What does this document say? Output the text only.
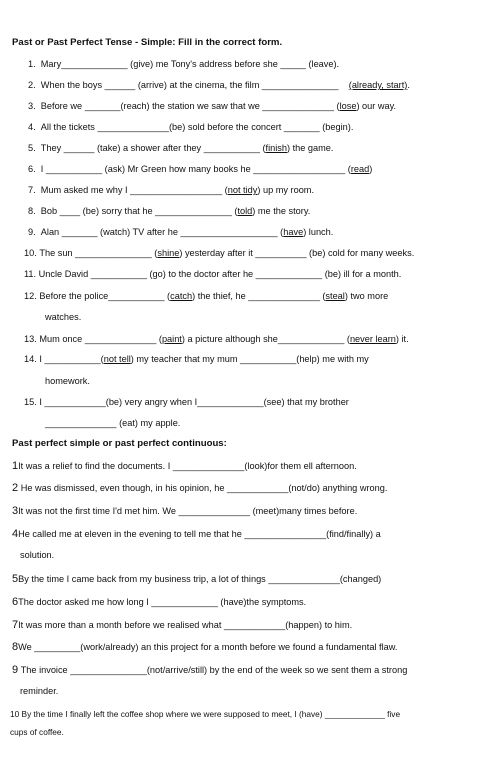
Past or Past Perfect Tense - Simple: Fill in the correct form.
1. Mary_____________ (give) me Tony's address before she _____ (leave).
2. When the boys ______ (arrive) at the cinema, the film _______________ (already, start).
3. Before we _______(reach) the station we saw that we ______________ (lose) our way.
4. All the tickets ______________(be) sold before the concert _______ (begin).
5. They ______ (take) a shower after they ___________ (finish) the game.
6. I ___________ (ask) Mr Green how many books he __________________ (read)
7. Mum asked me why I __________________ (not tidy) up my room.
8. Bob ____ (be) sorry that he _______________ (told) me the story.
9. Alan _______ (watch) TV after he ___________________ (have) lunch.
10. The sun _______________ (shine) yesterday after it __________ (be) cold for many weeks.
11. Uncle David ___________ (go) to the doctor after he _____________ (be) ill for a month.
12. Before the police___________ (catch) the thief, he ______________ (steal) two more
watches.
13. Mum once ______________ (paint) a picture although she_____________ (never learn) it.
14. I ___________(not tell) my teacher that my mum ___________(help) me with my
homework.
15. I ____________(be) very angry when I_____________(see) that my brother
______________ (eat) my apple.
Past perfect simple or past perfect continuous:
1It was a relief to find the documents. I ______________(look)for them ell afternoon.
2 He was dismissed, even though, in his opinion, he ____________(not/do) anything wrong.
3It was not the first time I'd met him. We ______________ (meet)many times before.
4He called me at eleven in the evening to tell me that he ________________(find/finally) a
solution.
5By the time I came back from my business trip, a lot of things ______________(changed)
6The doctor asked me how long I _____________ (have)the symptoms.
7It was more than a month before we realised what ____________(happen) to him.
8We _________(work/already) an this project for a month before we found a fundamental flaw.
9 The invoice _______________(not/arrive/still) by the end of the week so we sent them a strong
reminder.
10 By the time I finally left the coffee shop where we were supposed to meet, I (have) _____________ five
cups of coffee.
